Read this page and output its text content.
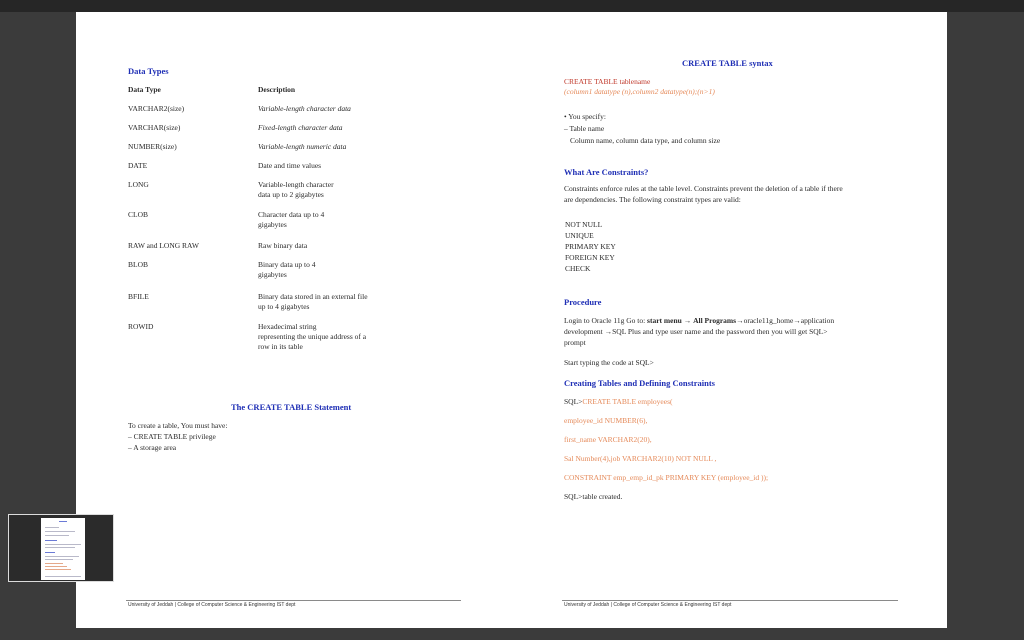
Data Types
Data Type	Description
VARCHAR2(size)	Variable-length character data
VARCHAR(size)	Fixed-length character data
NUMBER(size)	Variable-length numeric data
DATE	Date and time values
LONG	Variable-length character
data up to 2 gigabytes
CLOB	Character data up to 4
gigabytes
RAW and LONG RAW	Raw binary data
BLOB	Binary data up to 4
gigabytes
BFILE	Binary data stored in an external file
up to 4 gigabytes
ROWID	Hexadecimal string
representing the unique address of a
row in its table
The CREATE TABLE Statement
To create a table, You must have:
– CREATE TABLE privilege
– A storage area
University of Jeddah | College of Computer Science & Engineering IST dept
CREATE TABLE syntax
CREATE TABLE tablename
(column1 datatype (n),column2 datatype(n);(n>1)
• You specify:
– Table name
Column name, column data type, and column size
What Are Constraints?
Constraints enforce rules at the table level. Constraints prevent the deletion of a table if there
are dependencies. The following constraint types are valid:
NOT NULL
UNIQUE
PRIMARY KEY
FOREIGN KEY
CHECK
Procedure
Login to Oracle 11g Go to: start menu → All Programs→oracle11g_home→application
development →SQL Plus and type user name and the password then you will get SQL>
prompt
Start typing the code at SQL>
Creating Tables and Defining Constraints
SQL>CREATE TABLE employees(
employee_id NUMBER(6),
first_name VARCHAR2(20),
Sal Number(4),job VARCHAR2(10) NOT NULL ,
CONSTRAINT emp_emp_id_pk PRIMARY KEY (employee_id ));
SQL>table created.
University of Jeddah | College of Computer Science & Engineering IST dept
